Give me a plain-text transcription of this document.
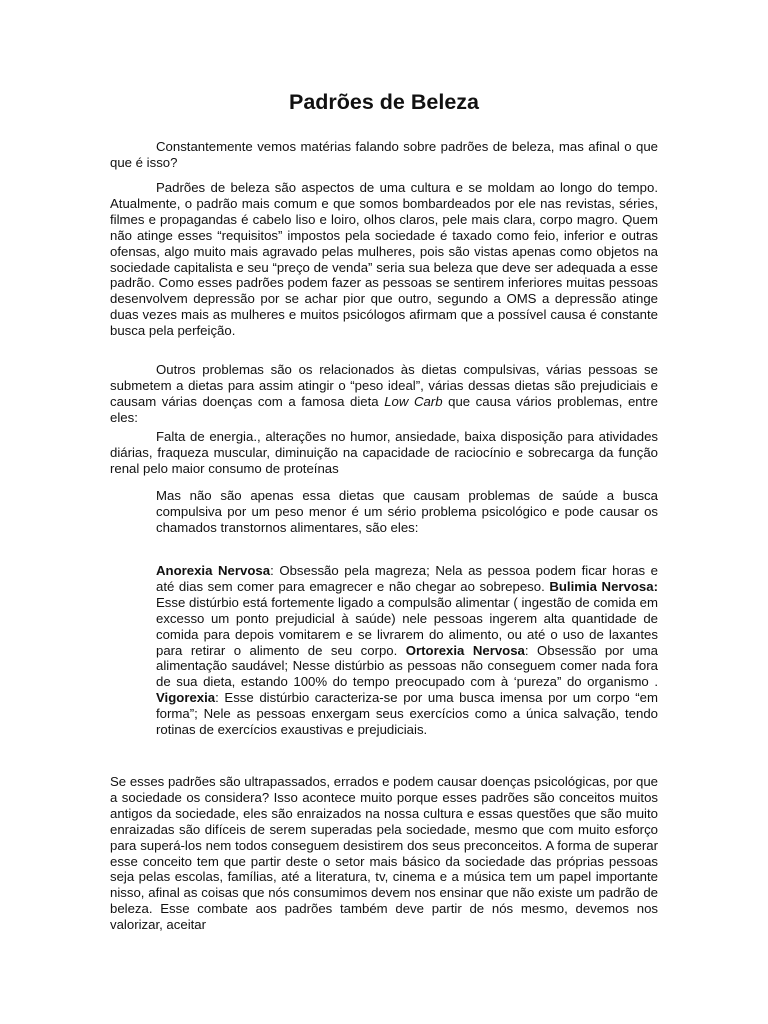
Padrões de Beleza

Constantemente vemos matérias falando sobre padrões de beleza, mas afinal o que que é isso?

Padrões de beleza são aspectos de uma cultura e se moldam ao longo do tempo. Atualmente, o padrão mais comum e que somos bombardeados por ele nas revistas, séries, filmes e propagandas é cabelo liso e loiro, olhos claros, pele mais clara, corpo magro. Quem não atinge esses “requisitos” impostos pela sociedade é taxado como feio, inferior e outras ofensas, algo muito mais agravado pelas mulheres, pois são vistas apenas como objetos na sociedade capitalista e seu “preço de venda” seria sua beleza que deve ser adequada a esse padrão. Como esses padrões podem fazer as pessoas se sentirem inferiores muitas pessoas desenvolvem depressão por se achar pior que outro, segundo a OMS a depressão atinge duas vezes mais as mulheres e muitos psicólogos afirmam que a possível causa é constante busca pela perfeição.

Outros problemas são os relacionados às dietas compulsivas, várias pessoas se submetem a dietas para assim atingir o “peso ideal”, várias dessas dietas são prejudiciais e causam várias doenças com a famosa dieta Low Carb que causa vários problemas, entre eles:

Falta de energia., alterações no humor, ansiedade, baixa disposição para atividades diárias, fraqueza muscular, diminuição na capacidade de raciocínio e sobrecarga da função renal pelo maior consumo de proteínas

Mas não são apenas essa dietas que causam problemas de saúde a busca compulsiva por um peso menor é um sério problema psicológico e pode causar os chamados transtornos alimentares, são eles:

Anorexia Nervosa: Obsessão pela magreza; Nela as pessoa podem ficar horas e até dias sem comer para emagrecer e não chegar ao sobrepeso. Bulimia Nervosa: Esse distúrbio está fortemente ligado a compulsão alimentar ( ingestão de comida em excesso um ponto prejudicial à saúde) nele pessoas ingerem alta quantidade de comida para depois vomitarem e se livrarem do alimento, ou até o uso de laxantes para retirar o alimento de seu corpo. Ortorexia Nervosa: Obsessão por uma alimentação saudável; Nesse distúrbio as pessoas não conseguem comer nada fora de sua dieta, estando 100% do tempo preocupado com à ‘pureza” do organismo . Vigorexia: Esse distúrbio caracteriza-se por uma busca imensa por um corpo “em forma”; Nele as pessoas enxergam seus exercícios como a única salvação, tendo rotinas de exercícios exaustivas e prejudiciais.

Se esses padrões são ultrapassados, errados e podem causar doenças psicológicas, por que a sociedade os considera? Isso acontece muito porque esses padrões são conceitos muitos antigos da sociedade, eles são enraizados na nossa cultura e essas questões que são muito enraizadas são difíceis de serem superadas pela sociedade, mesmo que com muito esforço para superá-los nem todos conseguem desistirem dos seus preconceitos. A forma de superar esse conceito tem que partir deste o setor mais básico da sociedade das próprias pessoas seja pelas escolas, famílias, até a literatura, tv, cinema e a música tem um papel importante nisso, afinal as coisas que nós consumimos devem nos ensinar que não existe um padrão de beleza. Esse combate aos padrões também deve partir de nós mesmo, devemos nos valorizar, aceitar
